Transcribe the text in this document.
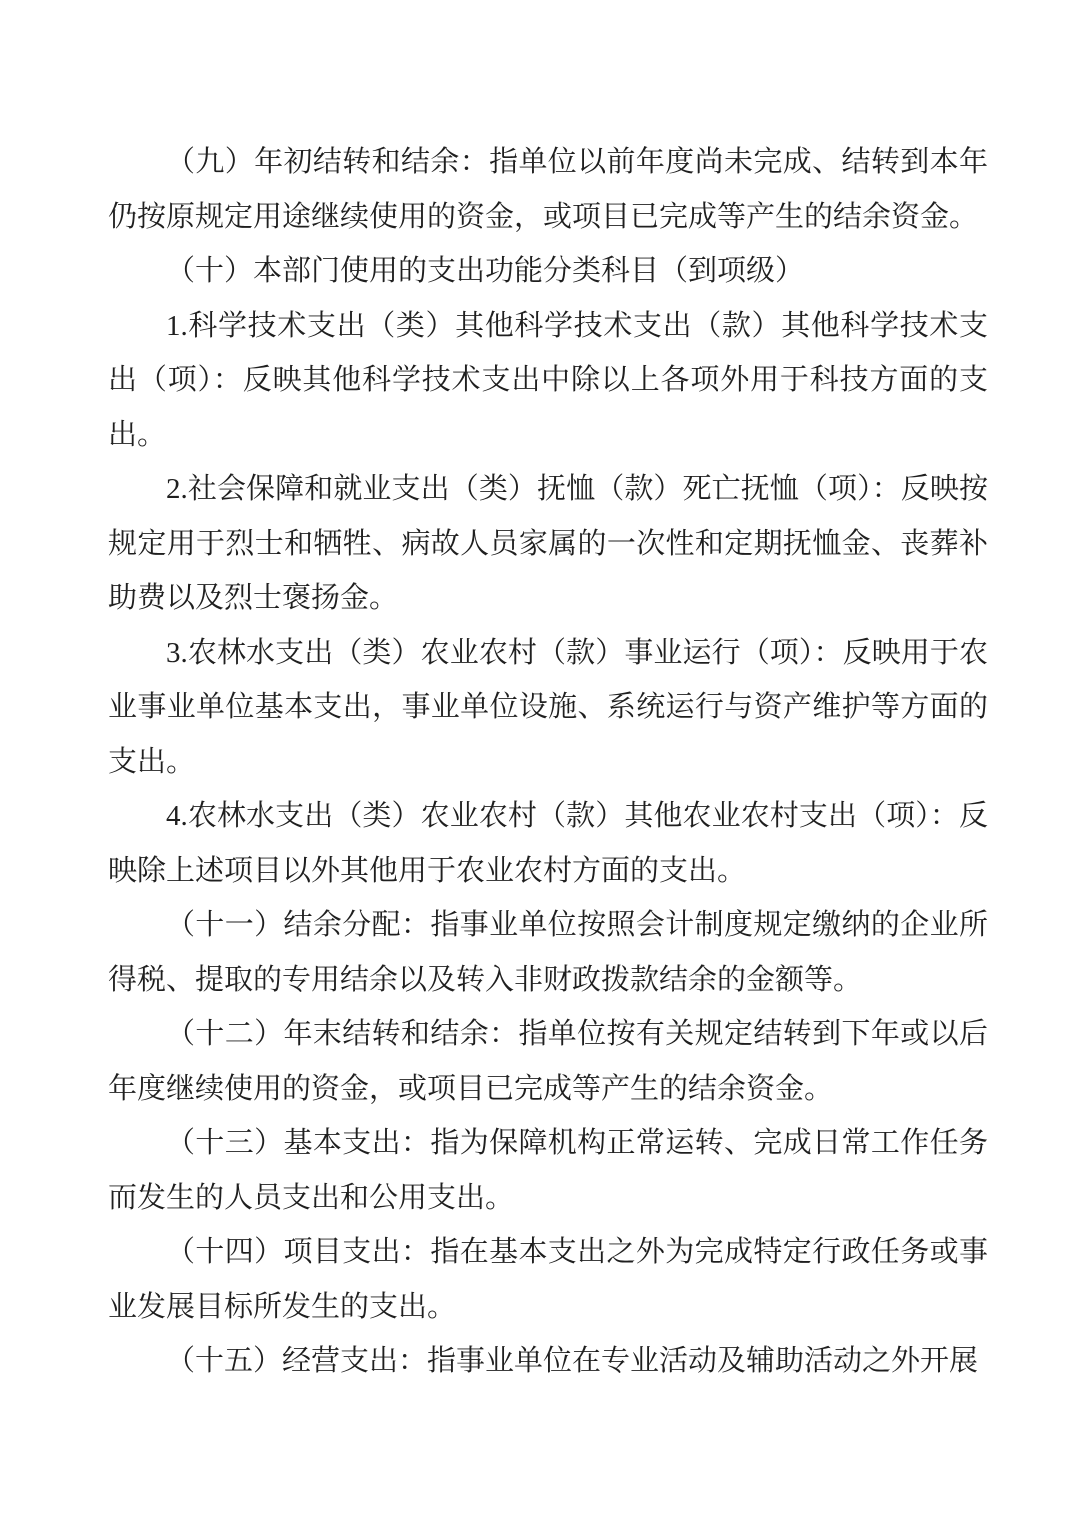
（九）年初结转和结余：指单位以前年度尚未完成、结转到本年仍按原规定用途继续使用的资金，或项目已完成等产生的结余资金。

（十）本部门使用的支出功能分类科目（到项级）

1.科学技术支出（类）其他科学技术支出（款）其他科学技术支出（项）：反映其他科学技术支出中除以上各项外用于科技方面的支出。

2.社会保障和就业支出（类）抚恤（款）死亡抚恤（项）：反映按规定用于烈士和牺牲、病故人员家属的一次性和定期抚恤金、丧葬补助费以及烈士褒扬金。

3.农林水支出（类）农业农村（款）事业运行（项）：反映用于农业事业单位基本支出，事业单位设施、系统运行与资产维护等方面的支出。

4.农林水支出（类）农业农村（款）其他农业农村支出（项）：反映除上述项目以外其他用于农业农村方面的支出。

（十一）结余分配：指事业单位按照会计制度规定缴纳的企业所得税、提取的专用结余以及转入非财政拨款结余的金额等。

（十二）年末结转和结余：指单位按有关规定结转到下年或以后年度继续使用的资金，或项目已完成等产生的结余资金。

（十三）基本支出：指为保障机构正常运转、完成日常工作任务而发生的人员支出和公用支出。

（十四）项目支出：指在基本支出之外为完成特定行政任务或事业发展目标所发生的支出。

（十五）经营支出：指事业单位在专业活动及辅助活动之外开展
